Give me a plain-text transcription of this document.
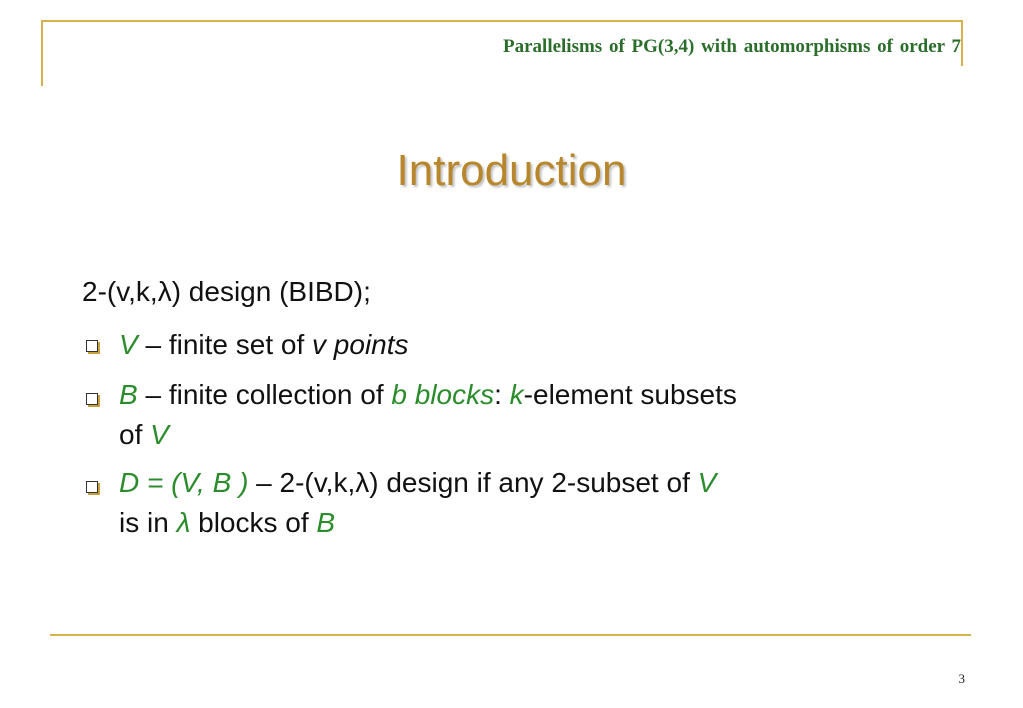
Parallelisms of PG(3,4) with automorphisms of order 7
Introduction

2-(v,k,λ) design (BIBD);

V – finite set of v points
B – finite collection of b blocks: k-element subsets
of V
D = (V, B ) – 2-(v,k,λ) design if any 2-subset of V
is in λ blocks of B
3
